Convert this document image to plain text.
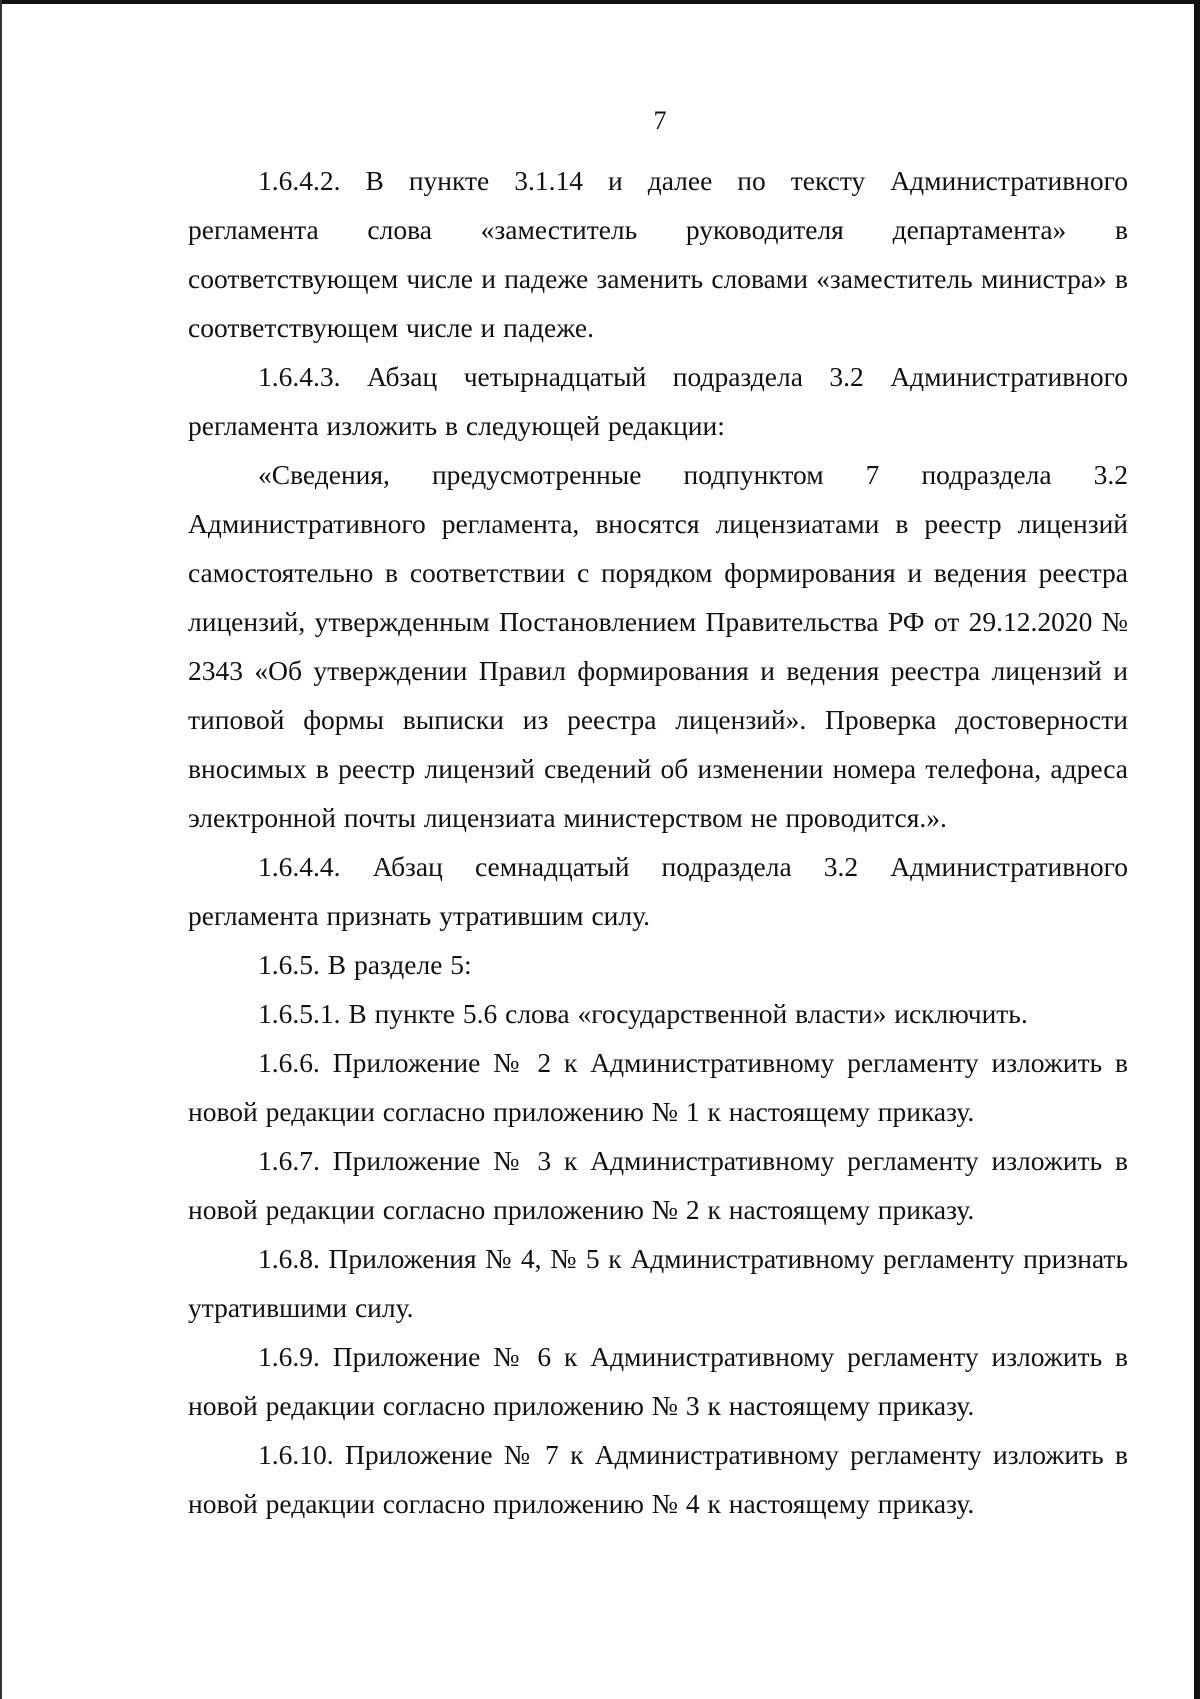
7

1.6.4.2. В пункте 3.1.14 и далее по тексту Административного регламента слова «заместитель руководителя департамента» в соответствующем числе и падеже заменить словами «заместитель министра» в соответствующем числе и падеже.

1.6.4.3. Абзац четырнадцатый подраздела 3.2 Административного регламента изложить в следующей редакции:

«Сведения, предусмотренные подпунктом 7 подраздела 3.2 Административного регламента, вносятся лицензиатами в реестр лицензий самостоятельно в соответствии с порядком формирования и ведения реестра лицензий, утвержденным Постановлением Правительства РФ от 29.12.2020 № 2343 «Об утверждении Правил формирования и ведения реестра лицензий и типовой формы выписки из реестра лицензий». Проверка достоверности вносимых в реестр лицензий сведений об изменении номера телефона, адреса электронной почты лицензиата министерством не проводится.».

1.6.4.4. Абзац семнадцатый подраздела 3.2 Административного регламента признать утратившим силу.

1.6.5. В разделе 5:

1.6.5.1. В пункте 5.6 слова «государственной власти» исключить.

1.6.6. Приложение № 2 к Административному регламенту изложить в новой редакции согласно приложению № 1 к настоящему приказу.

1.6.7. Приложение № 3 к Административному регламенту изложить в новой редакции согласно приложению № 2 к настоящему приказу.

1.6.8. Приложения № 4, № 5 к Административному регламенту признать утратившими силу.

1.6.9. Приложение № 6 к Административному регламенту изложить в новой редакции согласно приложению № 3 к настоящему приказу.

1.6.10. Приложение № 7 к Административному регламенту изложить в новой редакции согласно приложению № 4 к настоящему приказу.
